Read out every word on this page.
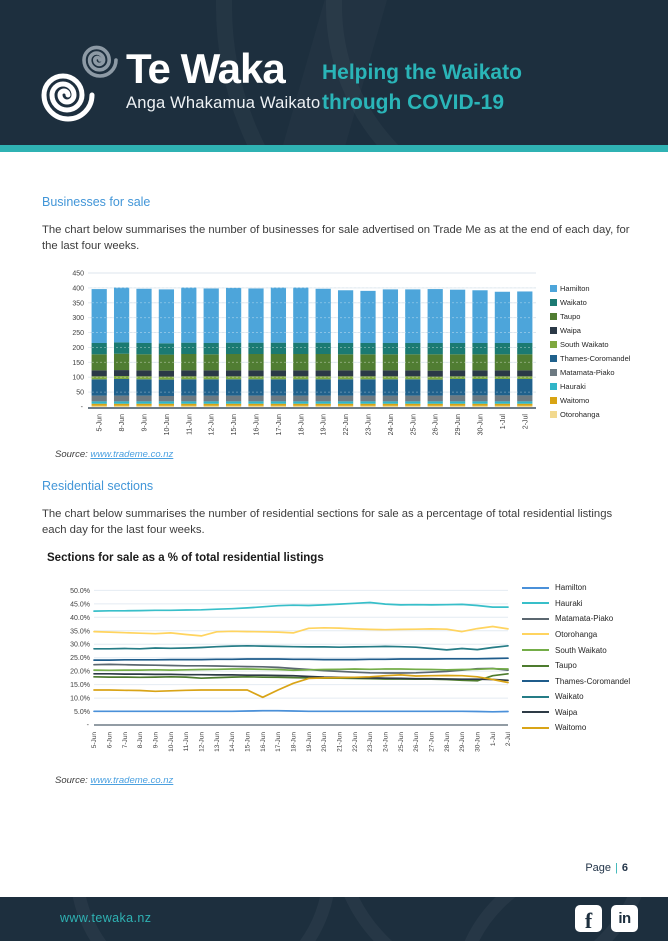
Te Waka
Anga Whakamua Waikato
Helping the Waikato
through COVID-19
Businesses for sale

The chart below summarises the number of businesses for sale advertised on Trade Me as at the end of each day, for the last four weeks.

450
400
350
300
250
200
150
100
50
-
5-Jun 8-Jun 9-Jun 10-Jun 11-Jun 12-Jun 15-Jun 16-Jun 17-Jun 18-Jun 19-Jun 22-Jun 23-Jun 24-Jun 25-Jun 26-Jun 29-Jun 30-Jun 1-Jul 2-Jul
Hamilton
Waikato
Taupo
Waipa
South Waikato
Thames-Coromandel
Matamata-Piako
Hauraki
Waitomo
Otorohanga

Source: www.trademe.co.nz

Residential sections

The chart below summarises the number of residential sections for sale as a percentage of total residential listings each day for the last four weeks.

Sections for sale as a % of total residential listings
5.0%
10.0%
15.0%
20.0%
25.0%
30.0%
35.0%
40.0%
45.0%
50.0%
-
5-Jun 6-Jun 7-Jun 8-Jun 9-Jun 10-Jun 11-Jun 12-Jun 13-Jun 14-Jun 15-Jun 16-Jun 17-Jun 18-Jun 19-Jun 20-Jun 21-Jun 22-Jun 23-Jun 24-Jun 25-Jun 26-Jun 27-Jun 28-Jun 29-Jun 30-Jun 1-Jul 2-Jul
Hamilton
Hauraki
Matamata-Piako
Otorohanga
South Waikato
Taupo
Thames-Coromandel
Waikato
Waipa
Waitomo

Source: www.trademe.co.nz

Page | 6
www.tewaka.nz	f in
